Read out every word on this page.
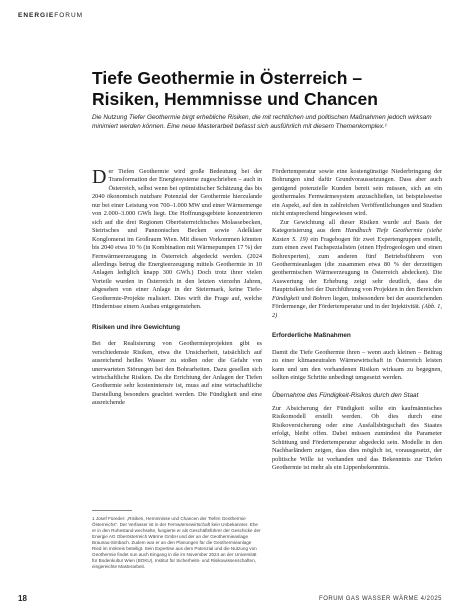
ENERGIEFORUM
Tiefe Geothermie in Österreich –
Risiken, Hemmnisse und Chancen

Die Nutzung Tiefer Geothermie birgt erhebliche Risiken, die mit rechtlichen und politischen Maßnahmen jedoch wirksam minimiert werden können. Eine neue Masterarbeit befasst sich ausführlich mit diesem Themenkomplex.¹

Der Tiefen Geothermie wird große Bedeutung bei der Transformation der Energiesysteme zugeschrieben – auch in Österreich, selbst wenn bei optimistischer Schätzung das bis 2040 ökonomisch nutzbare Potenzial der Geothermie hierzulande nur bei einer Leistung von 700–1.000 MW und einer Wärmemenge von 2.000–3.000 GWh liegt. Die Hoffnungsgebiete konzentrieren sich auf die drei Regionen Oberösterreichisches Molassebecken, Steirisches und Pannonisches Becken sowie Adelklaer Konglomerat im Großraum Wien. Mit diesen Vorkommen könnten bis 2040 etwa 10 % (in Kombination mit Wärmepumpen 17 %) der Fernwärmeerzeugung in Österreich abgedeckt werden. (2024 allerdings betrug die Energieerzeugung mittels Geothermie in 10 Anlagen lediglich knapp 300 GWh.) Doch trotz ihrer vielen Vorteile wurden in Österreich in den letzten vierzehn Jahren, abgesehen von einer Anlage in der Steiermark, keine Tiefe-Geothermie-Projekte realisiert. Dies wirft die Frage auf, welche Hindernisse einem Ausbau entgegenstehen.

Risiken und ihre Gewichtung

Bei der Realisierung von Geothermieprojekten gibt es verschiedenste Risiken, etwa die Unsicherheit, tatsächlich auf ausreichend heißes Wasser zu stoßen oder die Gefahr von unerwarteten Störungen bei den Bohrarbeiten. Dazu gesellen sich wirtschaftliche Risiken. Da die Errichtung der Anlagen der Tiefen Geothermie sehr kostenintensiv ist, muss auf eine wirtschaftliche Darstellung besonders geachtet werden. Die Fündigkeit und eine ausreichende

1 Josef Füreder: „Risiken, Hemmnisse und Chancen der Tiefen Geothermie Österreichs“. Der Verfasser ist in der Fernwärmewirtschaft kein Unbekannter. Ehe er in den Ruhestand wechselte, fungierte er als Geschäftsführer der Geschicke der Energie AG Oberösterreich Wärme GmbH und der an der Geothermieanlage Braunau-Simbach. Zudem war er an den Planungen für die Geothermieanlage Ried im Innkreis beteiligt. Sein Expertise aus dem Potenzial und die Nutzung von Geothermie findet nun auch Eingang in die im November 2024 an der Universität für Bodenkultur Wien (BOKU), Institut für Sicherheits- und Risikowissenschaften, eingereichte Masterarbeit.

Fördertemperatur sowie eine kostengünstige Niederbringung der Bohrungen sind dafür Grundvoraussetzungen. Dass aber auch genügend potenzielle Kunden bereit sein müssen, sich an ein geothermales Fernwärmesystem anzuschließen, ist beispielsweise ein Aspekt, auf den in zahlreichen Veröffentlichungen und Studien nicht entsprechend hingewiesen wird.

Zur Gewichtung all dieser Risiken wurde auf Basis der Kategorisierung aus dem Handbuch Tiefe Geothermie (siehe Kasten S. 19) ein Fragebogen für zwei Expertengruppen erstellt, zum einen zwei Fachspezialisten (einen Hydrogeologen und einen Bohrexperten), zum anderen fünf Betriebsführern von Geothermieanlagen (die zusammen etwa 80 % der derzeitigen geothermischen Wärmeerzeugung in Österreich abdecken). Die Auswertung der Erhebung zeigt sehr deutlich, dass die Hauptrisiken bei der Durchführung von Projekten in den Bereichen Fündigkeit und Bohren liegen, insbesondere bei der ausreichenden Fördermenge, der Fördertemperatur und in der Injektivität. (Abb. 1, 2)

Erforderliche Maßnahmen

Damit die Tiefe Geothermie ihren – wenn auch kleinen – Beitrag zu einer klimaneutralen Wärmewirtschaft in Österreich leisten kann und um den vorhandenen Risiken wirksam zu begegnen, sollten einige Schritte unbedingt umgesetzt werden.

Übernahme des Fündigkeit-Risikos durch den Staat

Zur Absicherung der Fündigkeit sollte ein kaufmännisches Risikomodell erstellt werden. Ob dies durch eine Risikoversicherung oder eine Ausfallsbürgschaft des Staates erfolgt, bleibt offen. Dabei müssen zumindest die Parameter Schüttung und Fördertemperatur abgedeckt sein. Modelle in den Nachbarländern zeigen, dass dies möglich ist, vorausgesetzt, der politische Wille ist vorhanden und das Bekenntnis zur Tiefen Geothermie ist mehr als ein Lippenbekenntnis.

18	FORUM GAS WASSER WÄRME 4/2025
